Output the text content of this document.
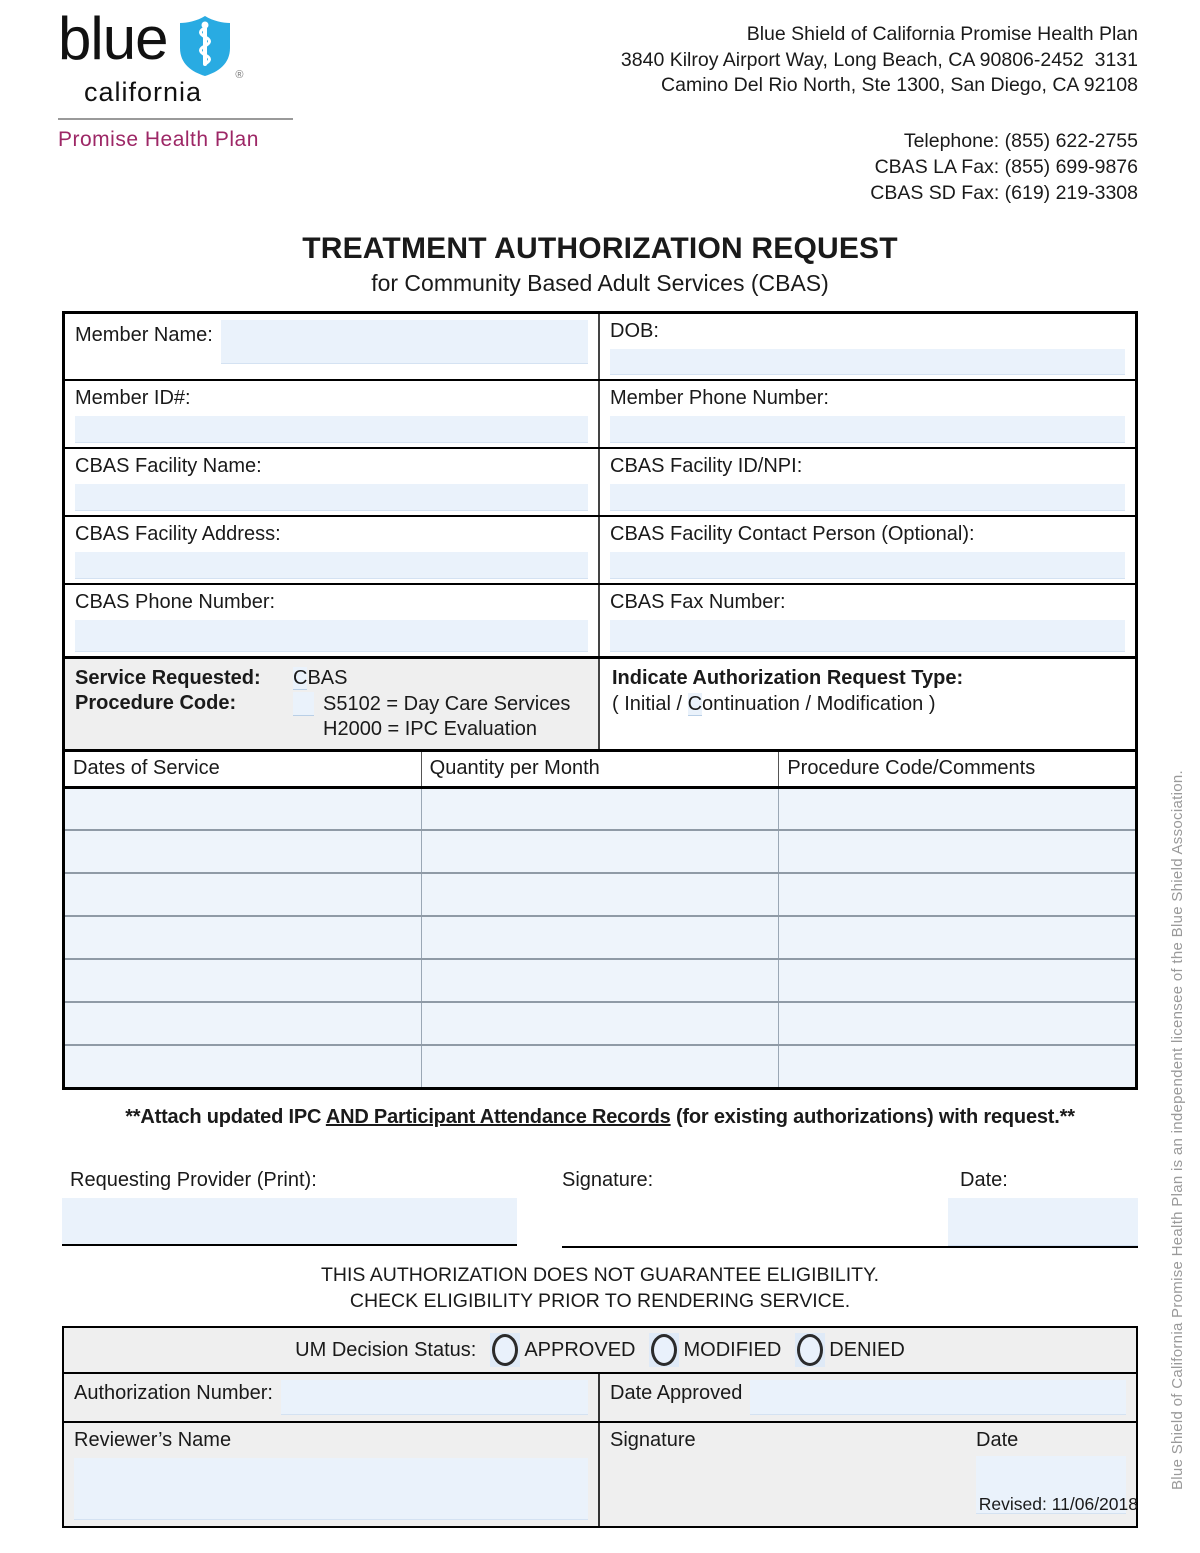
blue
®
california
Promise Health Plan
Blue Shield of California Promise Health Plan
3840 Kilroy Airport Way, Long Beach, CA 90806-2452  3131
Camino Del Rio North, Ste 1300, San Diego, CA 92108
Telephone: (855) 622-2755
CBAS LA Fax: (855) 699-9876
CBAS SD Fax: (619) 219-3308
TREATMENT AUTHORIZATION REQUEST
for Community Based Adult Services (CBAS)
Member Name:	DOB:
Member ID#:	Member Phone Number:
CBAS Facility Name:	CBAS Facility ID/NPI:
CBAS Facility Address:	CBAS Facility Contact Person (Optional):
CBAS Phone Number:	CBAS Fax Number:
Service Requested:	CBAS
Procedure Code:	S5102 = Day Care Services
H2000 = IPC Evaluation
Indicate Authorization Request Type:
( Initial / Continuation / Modification )
Dates of Service	Quantity per Month	Procedure Code/Comments

**Attach updated IPC AND Participant Attendance Records (for existing authorizations) with request.**
Requesting Provider (Print):	Signature:	Date:
THIS AUTHORIZATION DOES NOT GUARANTEE ELIGIBILITY.
CHECK ELIGIBILITY PRIOR TO RENDERING SERVICE.
UM Decision Status: APPROVED MODIFIED DENIED
Authorization Number:	Date Approved
Reviewer’s Name	Signature	Date
Revised: 11/06/2018
Blue Shield of California Promise Health Plan is an independent licensee of the Blue Shield Association.
